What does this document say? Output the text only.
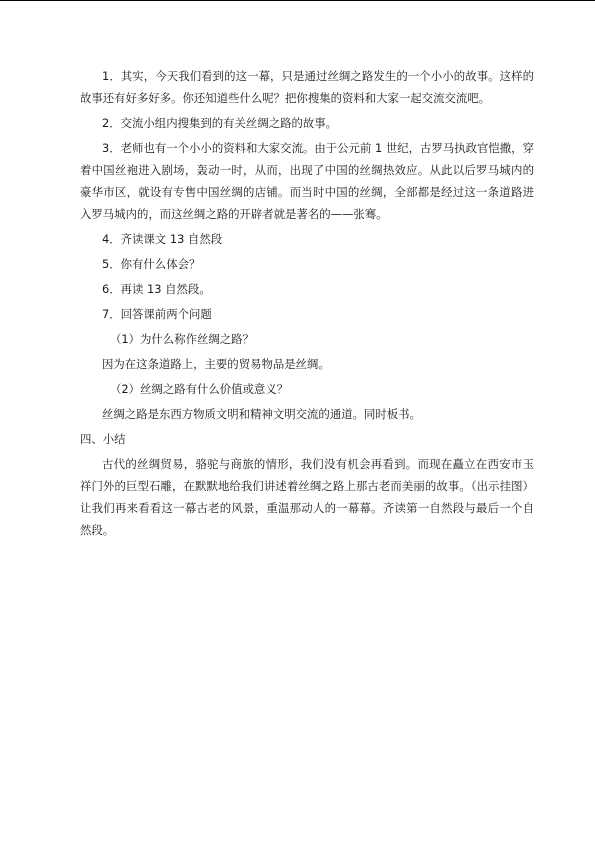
1．其实，今天我们看到的这一幕，只是通过丝绸之路发生的一个小小的故事。这样的故事还有好多好多。你还知道些什么呢？把你搜集的资料和大家一起交流交流吧。

2．交流小组内搜集到的有关丝绸之路的故事。

3．老师也有一个小小的资料和大家交流。由于公元前 1 世纪，古罗马执政官恺撒，穿着中国丝袍进入剧场，轰动一时，从而，出现了中国的丝绸热效应。从此以后罗马城内的豪华市区，就设有专售中国丝绸的店铺。而当时中国的丝绸，全部都是经过这一条道路进入罗马城内的，而这丝绸之路的开辟者就是著名的——张骞。

4．齐读课文 13 自然段

5．你有什么体会？

6．再读 13 自然段。

7．回答课前两个问题

（1）为什么称作丝绸之路？

因为在这条道路上，主要的贸易物品是丝绸。

（2）丝绸之路有什么价值或意义？

丝绸之路是东西方物质文明和精神文明交流的通道。同时板书。

四、小结

古代的丝绸贸易，骆驼与商旅的情形，我们没有机会再看到。而现在矗立在西安市玉祥门外的巨型石雕，在默默地给我们讲述着丝绸之路上那古老而美丽的故事。（出示挂图）让我们再来看看这一幕古老的风景，重温那动人的一幕幕。齐读第一自然段与最后一个自然段。
